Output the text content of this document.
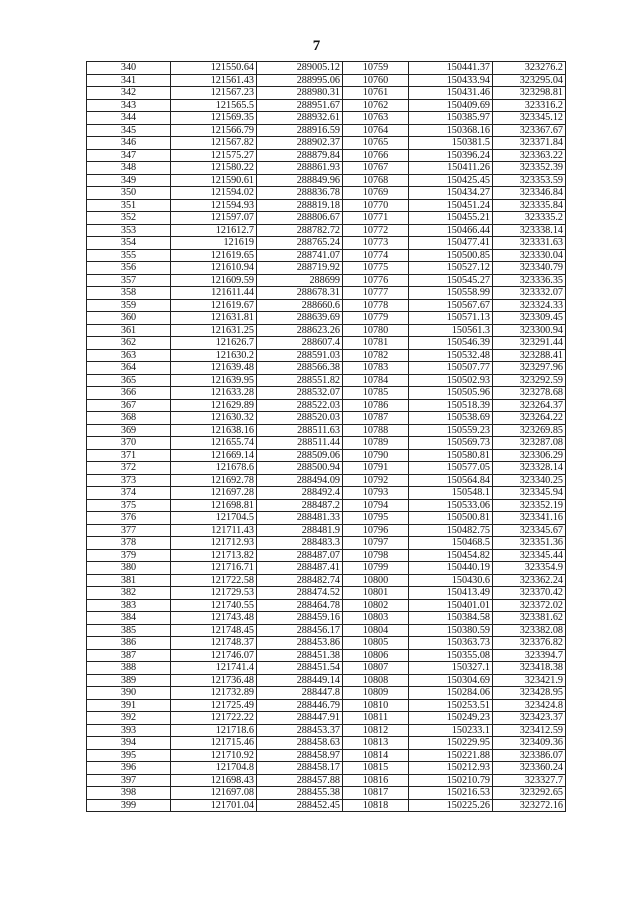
7
340	121550.64	289005.12	10759	150441.37	323276.2
341	121561.43	288995.06	10760	150433.94	323295.04
342	121567.23	288980.31	10761	150431.46	323298.81
343	121565.5	288951.67	10762	150409.69	323316.2
344	121569.35	288932.61	10763	150385.97	323345.12
345	121566.79	288916.59	10764	150368.16	323367.67
346	121567.82	288902.37	10765	150381.5	323371.84
347	121575.27	288879.84	10766	150396.24	323363.22
348	121580.22	288861.93	10767	150411.26	323352.39
349	121590.61	288849.96	10768	150425.45	323353.59
350	121594.02	288836.78	10769	150434.27	323346.84
351	121594.93	288819.18	10770	150451.24	323335.84
352	121597.07	288806.67	10771	150455.21	323335.2
353	121612.7	288782.72	10772	150466.44	323338.14
354	121619	288765.24	10773	150477.41	323331.63
355	121619.65	288741.07	10774	150500.85	323330.04
356	121610.94	288719.92	10775	150527.12	323340.79
357	121609.59	288699	10776	150545.27	323336.35
358	121611.44	288678.31	10777	150558.99	323332.07
359	121619.67	288660.6	10778	150567.67	323324.33
360	121631.81	288639.69	10779	150571.13	323309.45
361	121631.25	288623.26	10780	150561.3	323300.94
362	121626.7	288607.4	10781	150546.39	323291.44
363	121630.2	288591.03	10782	150532.48	323288.41
364	121639.48	288566.38	10783	150507.77	323297.96
365	121639.95	288551.82	10784	150502.93	323292.59
366	121633.28	288532.07	10785	150505.96	323278.68
367	121629.89	288522.03	10786	150518.39	323264.37
368	121630.32	288520.03	10787	150538.69	323264.22
369	121638.16	288511.63	10788	150559.23	323269.85
370	121655.74	288511.44	10789	150569.73	323287.08
371	121669.14	288509.06	10790	150580.81	323306.29
372	121678.6	288500.94	10791	150577.05	323328.14
373	121692.78	288494.09	10792	150564.84	323340.25
374	121697.28	288492.4	10793	150548.1	323345.94
375	121698.81	288487.2	10794	150533.06	323352.19
376	121704.5	288481.33	10795	150500.81	323341.16
377	121711.43	288481.9	10796	150482.75	323345.67
378	121712.93	288483.3	10797	150468.5	323351.36
379	121713.82	288487.07	10798	150454.82	323345.44
380	121716.71	288487.41	10799	150440.19	323354.9
381	121722.58	288482.74	10800	150430.6	323362.24
382	121729.53	288474.52	10801	150413.49	323370.42
383	121740.55	288464.78	10802	150401.01	323372.02
384	121743.48	288459.16	10803	150384.58	323381.62
385	121748.45	288456.17	10804	150380.59	323382.08
386	121748.37	288453.86	10805	150363.73	323376.82
387	121746.07	288451.38	10806	150355.08	323394.7
388	121741.4	288451.54	10807	150327.1	323418.38
389	121736.48	288449.14	10808	150304.69	323421.9
390	121732.89	288447.8	10809	150284.06	323428.95
391	121725.49	288446.79	10810	150253.51	323424.8
392	121722.22	288447.91	10811	150249.23	323423.37
393	121718.6	288453.37	10812	150233.1	323412.59
394	121715.46	288458.63	10813	150229.95	323409.36
395	121710.92	288458.97	10814	150221.88	323386.07
396	121704.8	288458.17	10815	150212.93	323360.24
397	121698.43	288457.88	10816	150210.79	323327.7
398	121697.08	288455.38	10817	150216.53	323292.65
399	121701.04	288452.45	10818	150225.26	323272.16
